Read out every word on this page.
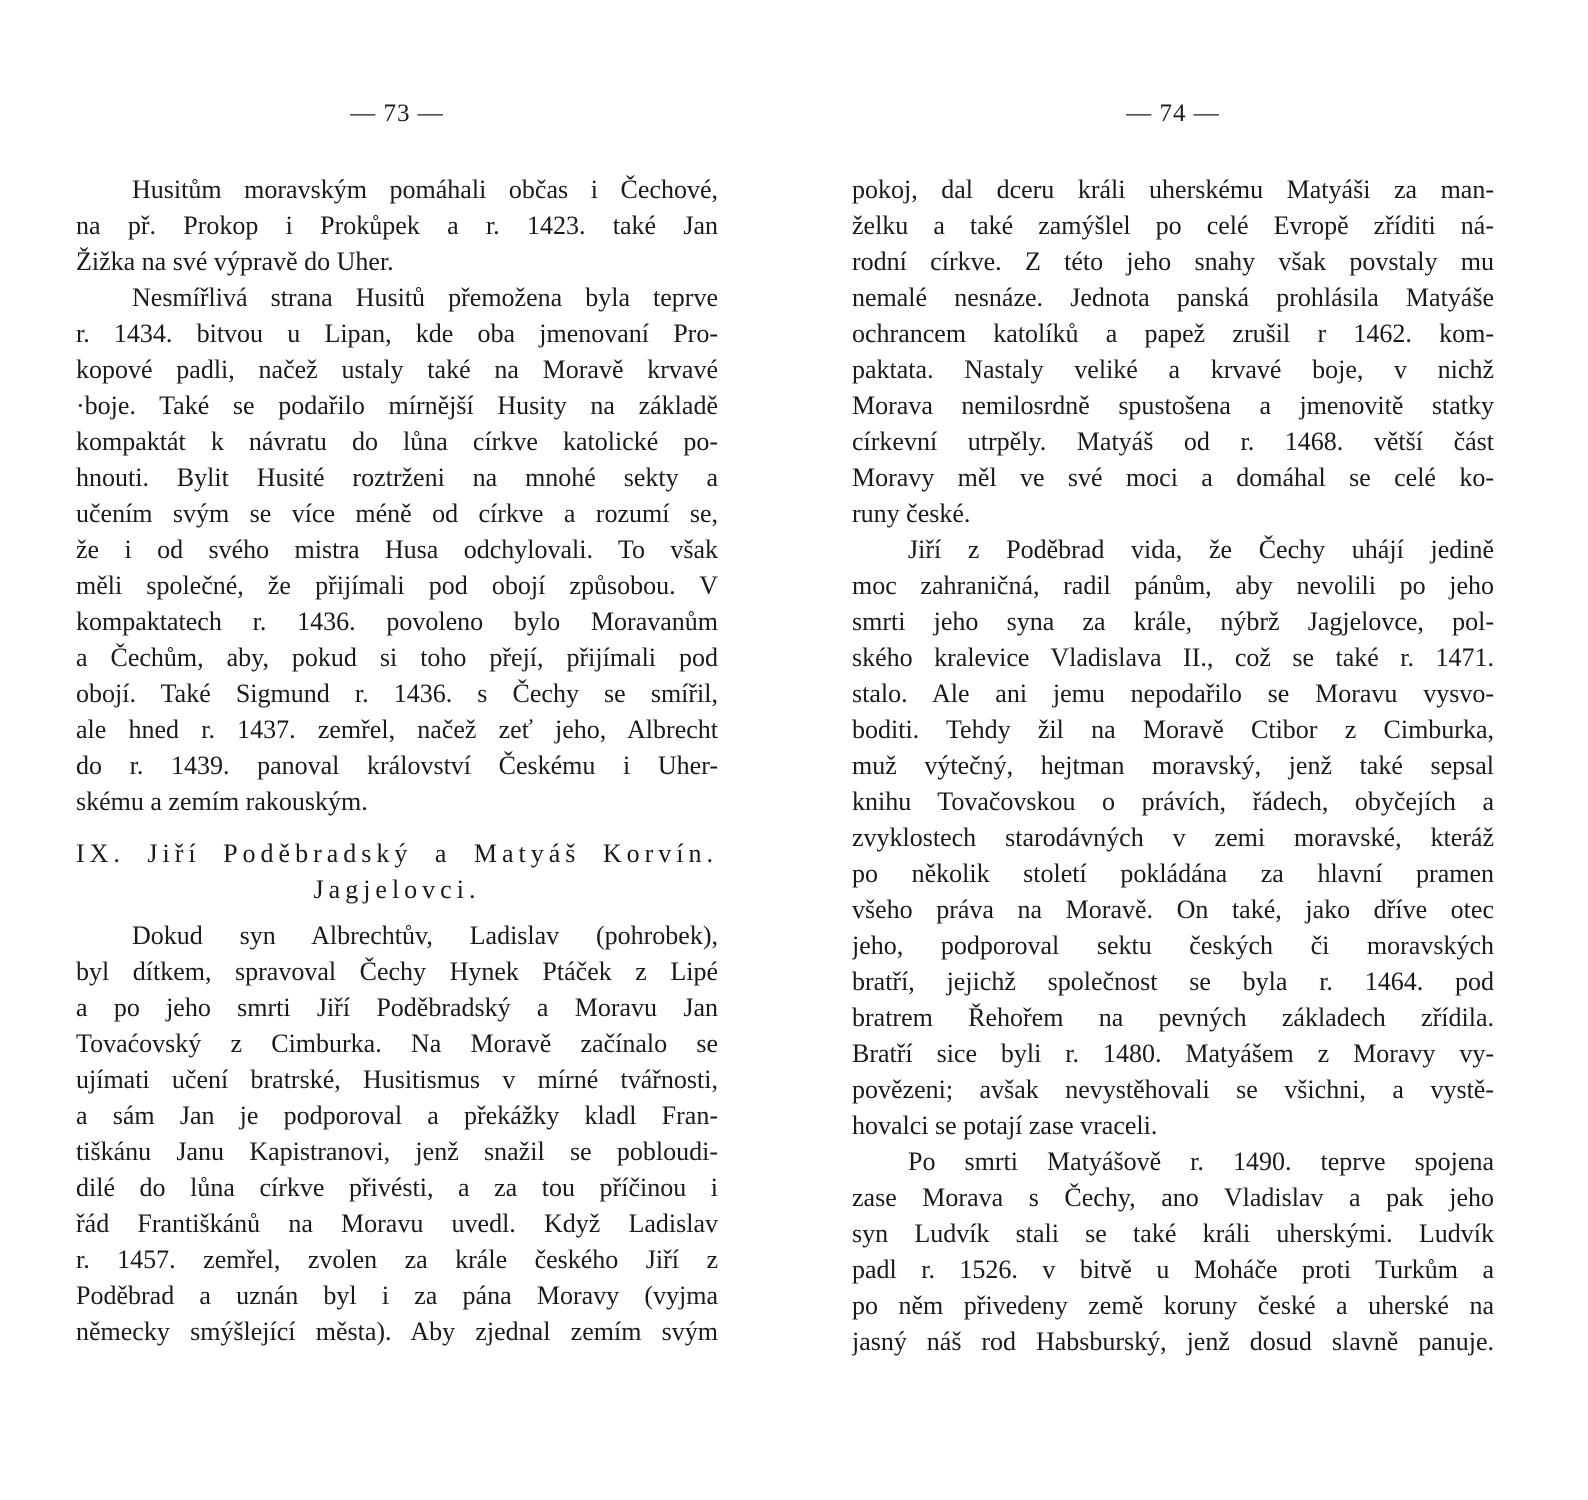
— 73 —
Husitům moravským pomáhali občas i Čechové,
na př. Prokop i Prokůpek a r. 1423. také Jan
Žižka na své výpravě do Uher.
Nesmířlivá strana Husitů přemožena byla teprve
r. 1434. bitvou u Lipan, kde oba jmenovaní Pro-
kopové padli, načež ustaly také na Moravě krvavé
·boje. Také se podařilo mírnější Husity na základě
kompaktát k návratu do lůna církve katolické po-
hnouti. Bylit Husité roztrženi na mnohé sekty a
učením svým se více méně od církve a rozumí se,
že i od svého mistra Husa odchylovali. To však
měli společné, že přijímali pod obojí způsobou. V
kompaktatech r. 1436. povoleno bylo Moravanům
a Čechům, aby, pokud si toho přejí, přijímali pod
obojí. Také Sigmund r. 1436. s Čechy se smířil,
ale hned r. 1437. zemřel, načež zeť jeho, Albrecht
do r. 1439. panoval království Českému i Uher-
skému a zemím rakouským.
IX. Jiří Poděbradský a Matyáš Korvín.
Jagjelovci.
Dokud syn Albrechtův, Ladislav (pohrobek),
byl dítkem, spravoval Čechy Hynek Ptáček z Lipé
a po jeho smrti Jiří Poděbradský a Moravu Jan
Tovaćovský z Cimburka. Na Moravě začínalo se
ujímati učení bratrské, Husitismus v mírné tvářnosti,
a sám Jan je podporoval a překážky kladl Fran-
tiškánu Janu Kapistranovi, jenž snažil se pobloudi-
dilé do lůna církve přivésti, a za tou příčinou i
řád Františkánů na Moravu uvedl. Když Ladislav
r. 1457. zemřel, zvolen za krále českého Jiří z
Poděbrad a uznán byl i za pána Moravy (vyjma
německy smýšlející města). Aby zjednal zemím svým
— 74 —
pokoj, dal dceru králi uherskému Matyáši za man-
želku a také zamýšlel po celé Evropě zříditi ná-
rodní církve. Z této jeho snahy však povstaly mu
nemalé nesnáze. Jednota panská prohlásila Matyáše
ochrancem katolíků a papež zrušil r 1462. kom-
paktata. Nastaly veliké a krvavé boje, v nichž
Morava nemilosrdně spustošena a jmenovitě statky
církevní utrpěly. Matyáš od r. 1468. větší část
Moravy měl ve své moci a domáhal se celé ko-
runy české.
Jiří z Poděbrad vida, že Čechy uhájí jedině
moc zahraničná, radil pánům, aby nevolili po jeho
smrti jeho syna za krále, nýbrž Jagjelovce, pol-
ského kralevice Vladislava II., což se také r. 1471.
stalo. Ale ani jemu nepodařilo se Moravu vysvo-
boditi. Tehdy žil na Moravě Ctibor z Cimburka,
muž výtečný, hejtman moravský, jenž také sepsal
knihu Tovačovskou o právích, řádech, obyčejích a
zvyklostech starodávných v zemi moravské, kteráž
po několik století pokládána za hlavní pramen
všeho práva na Moravě. On také, jako dříve otec
jeho, podporoval sektu českých či moravských
bratří, jejichž společnost se byla r. 1464. pod
bratrem Řehořem na pevných základech zřídila.
Bratří sice byli r. 1480. Matyášem z Moravy vy-
povězeni; avšak nevystěhovali se všichni, a vystě-
hovalci se potají zase vraceli.
Po smrti Matyášově r. 1490. teprve spojena
zase Morava s Čechy, ano Vladislav a pak jeho
syn Ludvík stali se také králi uherskými. Ludvík
padl r. 1526. v bitvě u Moháče proti Turkům a
po něm přivedeny země koruny české a uherské na
jasný náš rod Habsburský, jenž dosud slavně panuje.
